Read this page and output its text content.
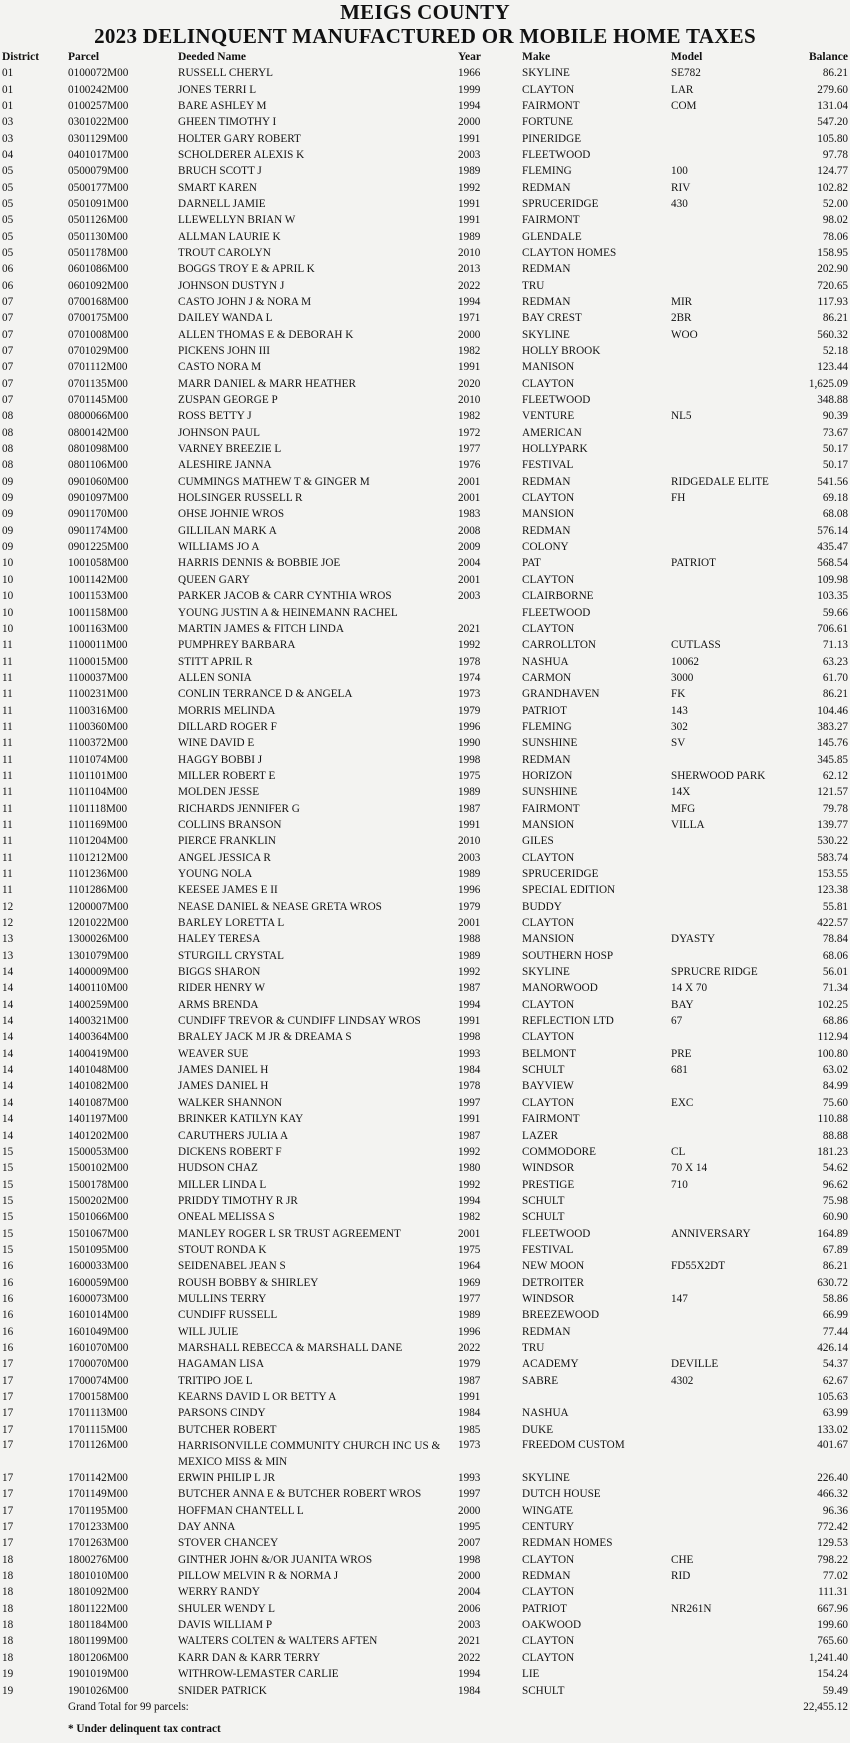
MEIGS COUNTY
2023 DELINQUENT MANUFACTURED OR MOBILE HOME TAXES
District	Parcel	Deeded Name	Year	Make	Model	Balance
01	0100072M00	RUSSELL CHERYL	1966	SKYLINE	SE782	86.21
01	0100242M00	JONES TERRI L	1999	CLAYTON	LAR	279.60
01	0100257M00	BARE ASHLEY M	1994	FAIRMONT	COM	131.04
03	0301022M00	GHEEN TIMOTHY I	2000	FORTUNE		547.20
03	0301129M00	HOLTER GARY ROBERT	1991	PINERIDGE		105.80
04	0401017M00	SCHOLDERER ALEXIS K	2003	FLEETWOOD		97.78
05	0500079M00	BRUCH SCOTT J	1989	FLEMING	100	124.77
05	0500177M00	SMART KAREN	1992	REDMAN	RIV	102.82
05	0501091M00	DARNELL JAMIE	1991	SPRUCERIDGE	430	52.00
05	0501126M00	LLEWELLYN BRIAN W	1991	FAIRMONT		98.02
05	0501130M00	ALLMAN LAURIE K	1989	GLENDALE		78.06
05	0501178M00	TROUT CAROLYN	2010	CLAYTON HOMES		158.95
06	0601086M00	BOGGS TROY E & APRIL K	2013	REDMAN		202.90
06	0601092M00	JOHNSON DUSTYN J	2022	TRU		720.65
07	0700168M00	CASTO JOHN J & NORA M	1994	REDMAN	MIR	117.93
07	0700175M00	DAILEY WANDA L	1971	BAY CREST	2BR	86.21
07	0701008M00	ALLEN THOMAS E & DEBORAH K	2000	SKYLINE	WOO	560.32
07	0701029M00	PICKENS JOHN III	1982	HOLLY BROOK		52.18
07	0701112M00	CASTO NORA M	1991	MANISON		123.44
07	0701135M00	MARR DANIEL & MARR HEATHER	2020	CLAYTON		1,625.09
07	0701145M00	ZUSPAN GEORGE P	2010	FLEETWOOD		348.88
08	0800066M00	ROSS BETTY J	1982	VENTURE	NL5	90.39
08	0800142M00	JOHNSON PAUL	1972	AMERICAN		73.67
08	0801098M00	VARNEY BREEZIE L	1977	HOLLYPARK		50.17
08	0801106M00	ALESHIRE JANNA	1976	FESTIVAL		50.17
09	0901060M00	CUMMINGS MATHEW T & GINGER M	2001	REDMAN	RIDGEDALE ELITE	541.56
09	0901097M00	HOLSINGER RUSSELL R	2001	CLAYTON	FH	69.18
09	0901170M00	OHSE JOHNIE WROS	1983	MANSION		68.08
09	0901174M00	GILLILAN MARK A	2008	REDMAN		576.14
09	0901225M00	WILLIAMS JO A	2009	COLONY		435.47
10	1001058M00	HARRIS DENNIS & BOBBIE JOE	2004	PAT	PATRIOT	568.54
10	1001142M00	QUEEN GARY	2001	CLAYTON		109.98
10	1001153M00	PARKER JACOB & CARR CYNTHIA WROS	2003	CLAIRBORNE		103.35
10	1001158M00	YOUNG JUSTIN A & HEINEMANN RACHEL		FLEETWOOD		59.66
10	1001163M00	MARTIN JAMES & FITCH LINDA	2021	CLAYTON		706.61
11	1100011M00	PUMPHREY BARBARA	1992	CARROLLTON	CUTLASS	71.13
11	1100015M00	STITT APRIL R	1978	NASHUA	10062	63.23
11	1100037M00	ALLEN SONIA	1974	CARMON	3000	61.70
11	1100231M00	CONLIN TERRANCE D & ANGELA	1973	GRANDHAVEN	FK	86.21
11	1100316M00	MORRIS MELINDA	1979	PATRIOT	143	104.46
11	1100360M00	DILLARD ROGER F	1996	FLEMING	302	383.27
11	1100372M00	WINE DAVID E	1990	SUNSHINE	SV	145.76
11	1101074M00	HAGGY BOBBI J	1998	REDMAN		345.85
11	1101101M00	MILLER ROBERT E	1975	HORIZON	SHERWOOD PARK	62.12
11	1101104M00	MOLDEN JESSE	1989	SUNSHINE	14X	121.57
11	1101118M00	RICHARDS JENNIFER G	1987	FAIRMONT	MFG	79.78
11	1101169M00	COLLINS BRANSON	1991	MANSION	VILLA	139.77
11	1101204M00	PIERCE FRANKLIN	2010	GILES		530.22
11	1101212M00	ANGEL JESSICA R	2003	CLAYTON		583.74
11	1101236M00	YOUNG NOLA	1989	SPRUCERIDGE		153.55
11	1101286M00	KEESEE JAMES E II	1996	SPECIAL EDITION		123.38
12	1200007M00	NEASE DANIEL & NEASE GRETA WROS	1979	BUDDY		55.81
12	1201022M00	BARLEY LORETTA L	2001	CLAYTON		422.57
13	1300026M00	HALEY TERESA	1988	MANSION	DYASTY	78.84
13	1301079M00	STURGILL CRYSTAL	1989	SOUTHERN HOSP		68.06
14	1400009M00	BIGGS SHARON	1992	SKYLINE	SPRUCRE RIDGE	56.01
14	1400110M00	RIDER HENRY W	1987	MANORWOOD	14 X 70	71.34
14	1400259M00	ARMS BRENDA	1994	CLAYTON	BAY	102.25
14	1400321M00	CUNDIFF TREVOR & CUNDIFF LINDSAY WROS	1991	REFLECTION LTD	67	68.86
14	1400364M00	BRALEY JACK M JR & DREAMA S	1998	CLAYTON		112.94
14	1400419M00	WEAVER SUE	1993	BELMONT	PRE	100.80
14	1401048M00	JAMES DANIEL H	1984	SCHULT	681	63.02
14	1401082M00	JAMES DANIEL H	1978	BAYVIEW		84.99
14	1401087M00	WALKER SHANNON	1997	CLAYTON	EXC	75.60
14	1401197M00	BRINKER KATILYN KAY	1991	FAIRMONT		110.88
14	1401202M00	CARUTHERS JULIA A	1987	LAZER		88.88
15	1500053M00	DICKENS ROBERT F	1992	COMMODORE	CL	181.23
15	1500102M00	HUDSON CHAZ	1980	WINDSOR	70 X 14	54.62
15	1500178M00	MILLER LINDA L	1992	PRESTIGE	710	96.62
15	1500202M00	PRIDDY TIMOTHY R JR	1994	SCHULT		75.98
15	1501066M00	ONEAL MELISSA S	1982	SCHULT		60.90
15	1501067M00	MANLEY ROGER L SR TRUST AGREEMENT	2001	FLEETWOOD	ANNIVERSARY	164.89
15	1501095M00	STOUT RONDA K	1975	FESTIVAL		67.89
16	1600033M00	SEIDENABEL JEAN S	1964	NEW MOON	FD55X2DT	86.21
16	1600059M00	ROUSH BOBBY & SHIRLEY	1969	DETROITER		630.72
16	1600073M00	MULLINS TERRY	1977	WINDSOR	147	58.86
16	1601014M00	CUNDIFF RUSSELL	1989	BREEZEWOOD		66.99
16	1601049M00	WILL JULIE	1996	REDMAN		77.44
16	1601070M00	MARSHALL REBECCA & MARSHALL DANE	2022	TRU		426.14
17	1700070M00	HAGAMAN LISA	1979	ACADEMY	DEVILLE	54.37
17	1700074M00	TRITIPO JOE L	1987	SABRE	4302	62.67
17	1700158M00	KEARNS DAVID L OR BETTY A	1991			105.63
17	1701113M00	PARSONS CINDY	1984	NASHUA		63.99
17	1701115M00	BUTCHER ROBERT	1985	DUKE		133.02
17	1701126M00	HARRISONVILLE COMMUNITY CHURCH INC US & MEXICO MISS & MIN	1973	FREEDOM CUSTOM		401.67
17	1701142M00	ERWIN PHILIP L JR	1993	SKYLINE		226.40
17	1701149M00	BUTCHER ANNA E & BUTCHER ROBERT WROS	1997	DUTCH HOUSE		466.32
17	1701195M00	HOFFMAN CHANTELL L	2000	WINGATE		96.36
17	1701233M00	DAY ANNA	1995	CENTURY		772.42
17	1701263M00	STOVER CHANCEY	2007	REDMAN HOMES		129.53
18	1800276M00	GINTHER JOHN &/OR JUANITA WROS	1998	CLAYTON	CHE	798.22
18	1801010M00	PILLOW MELVIN R & NORMA J	2000	REDMAN	RID	77.02
18	1801092M00	WERRY RANDY	2004	CLAYTON		111.31
18	1801122M00	SHULER WENDY L	2006	PATRIOT	NR261N	667.96
18	1801184M00	DAVIS WILLIAM P	2003	OAKWOOD		199.60
18	1801199M00	WALTERS COLTEN & WALTERS AFTEN	2021	CLAYTON		765.60
18	1801206M00	KARR DAN & KARR TERRY	2022	CLAYTON		1,241.40
19	1901019M00	WITHROW-LEMASTER CARLIE	1994	LIE		154.24
19	1901026M00	SNIDER PATRICK	1984	SCHULT		59.49
	Grand Total for 99 parcels:					22,455.12
* Under delinquent tax contract
